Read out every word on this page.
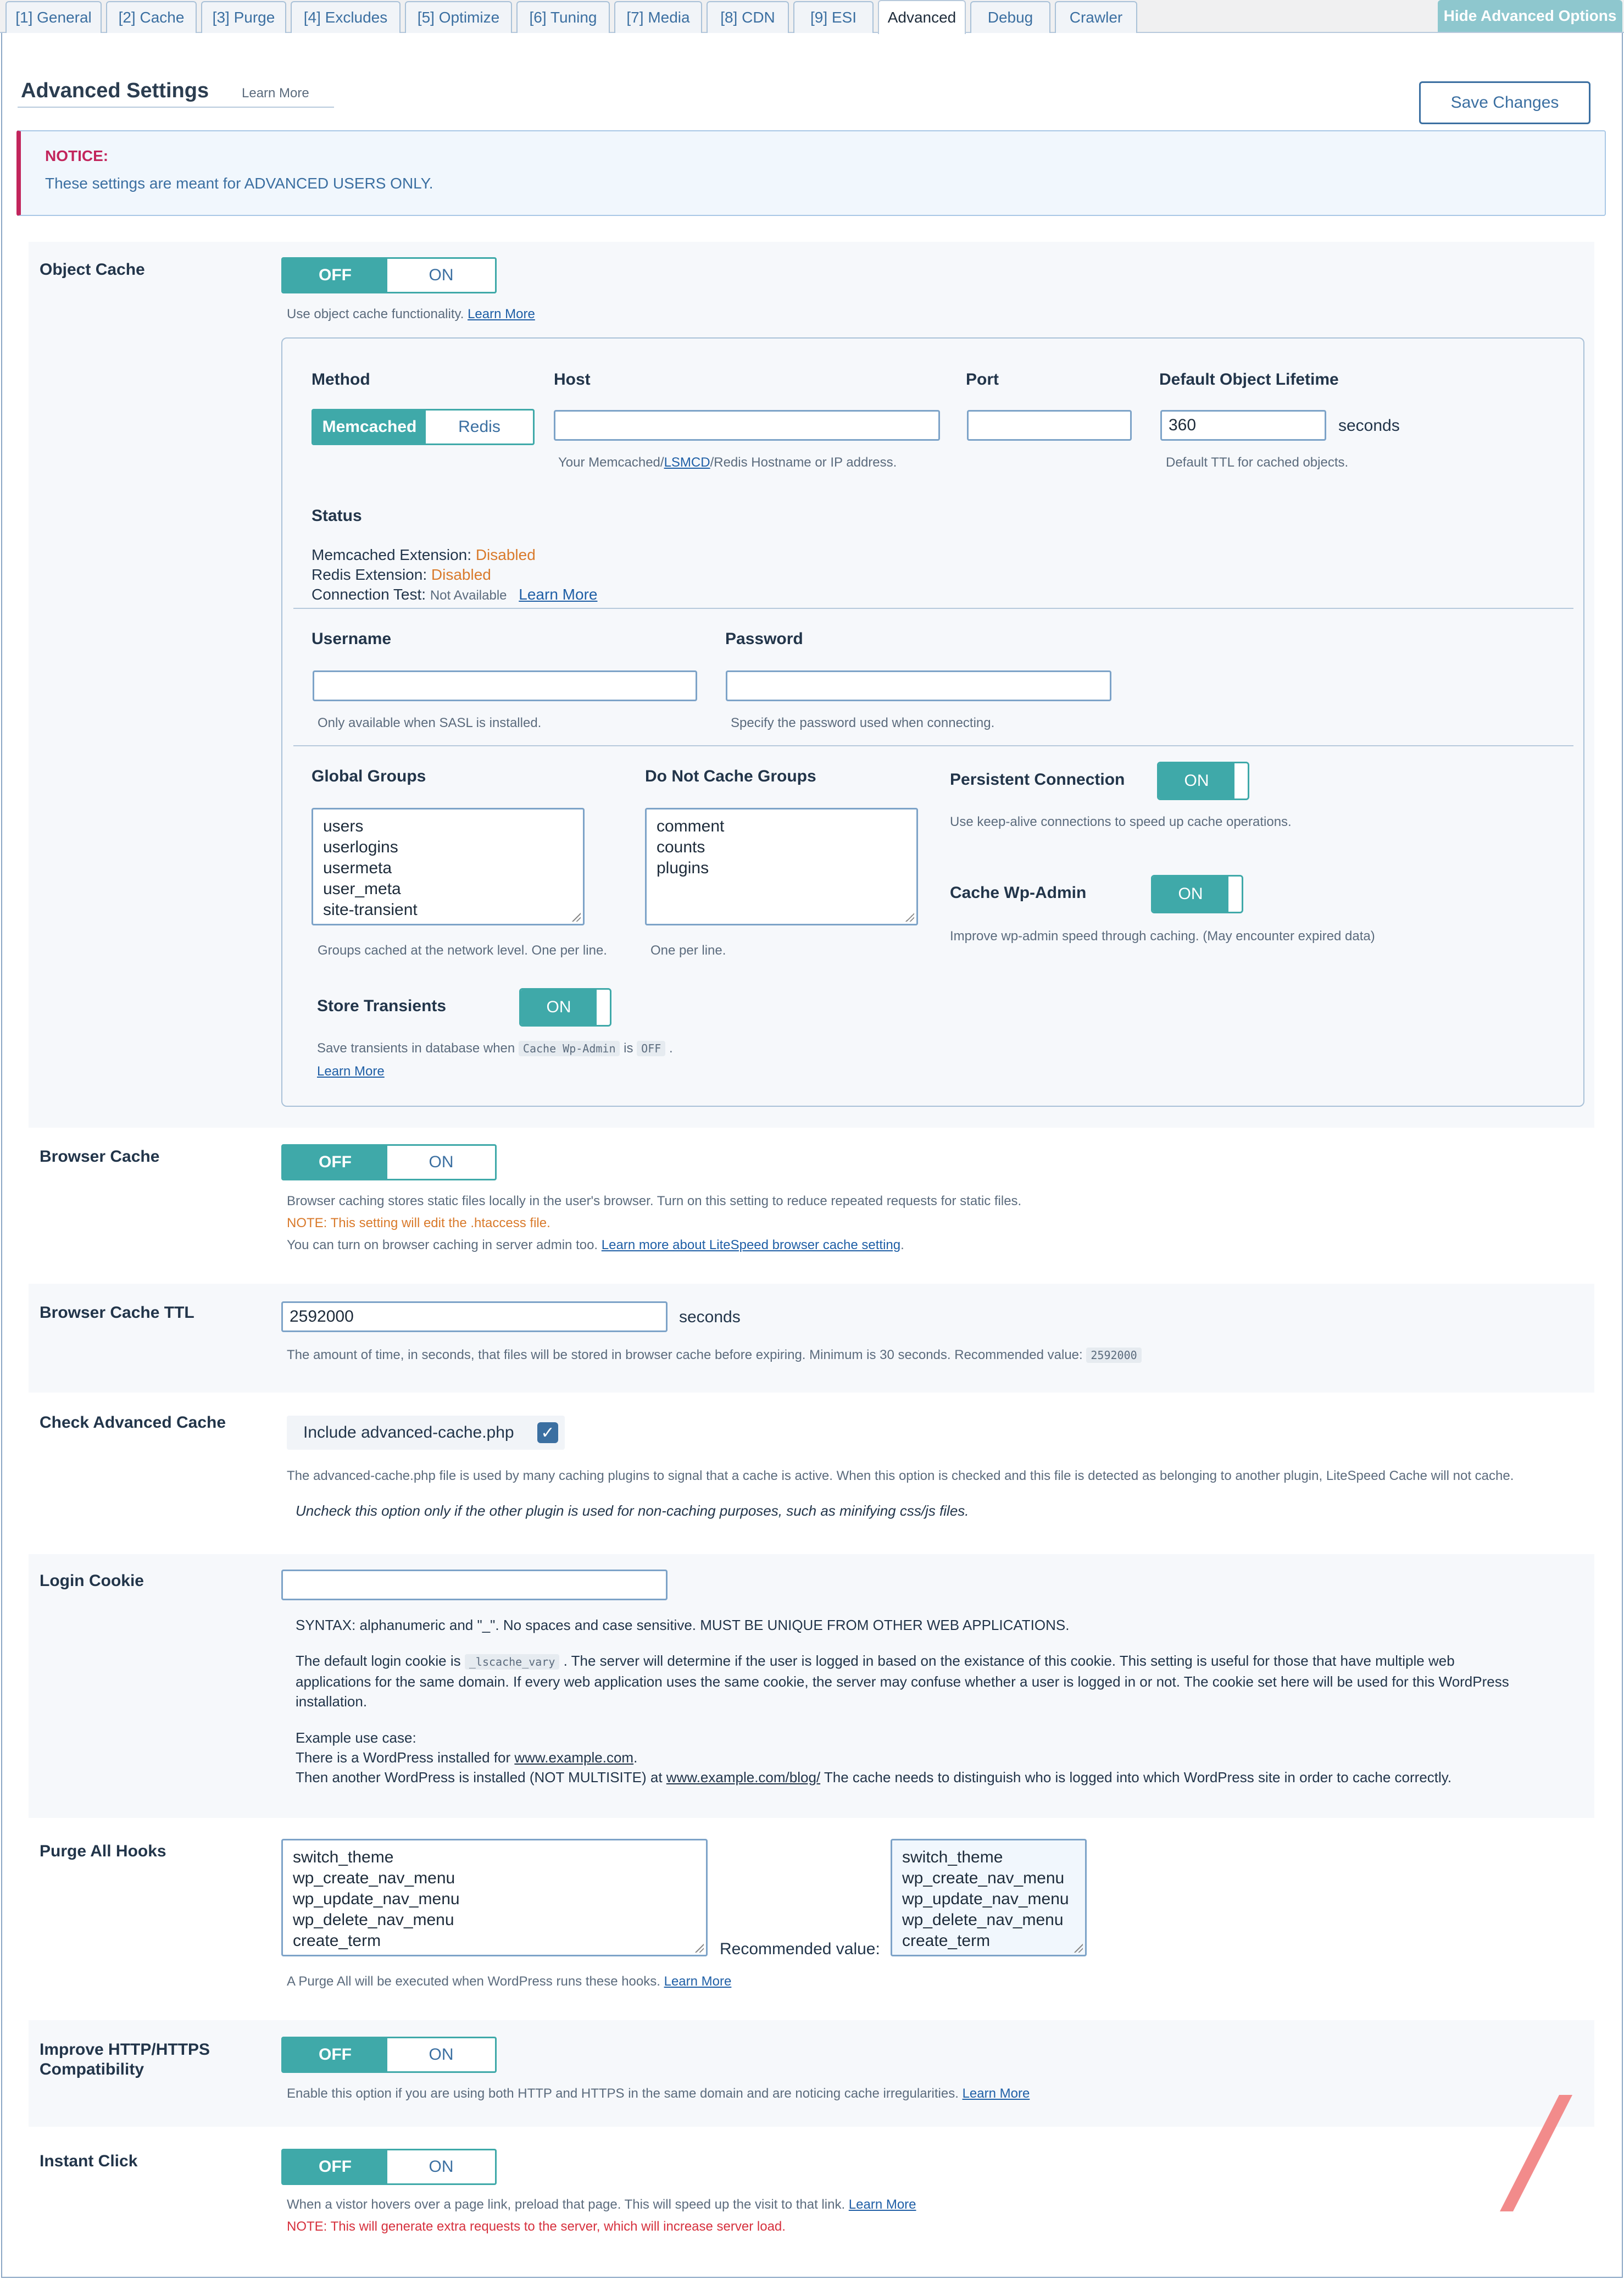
[1] General	[2] Cache	[3] Purge	[4] Excludes	[5] Optimize	[6] Tuning	[7] Media	[8] CDN	[9] ESI	Advanced	Debug	Crawler	Hide Advanced Options
Advanced Settings Learn More
Save Changes
NOTICE:
These settings are meant for ADVANCED USERS ONLY.
Object Cache	OFF	ON
Use object cache functionality. Learn More
Method
Memcached	Redis
Host
Your Memcached/LSMCD/Redis Hostname or IP address.
Port	Default Object Lifetime
360	seconds
Default TTL for cached objects.
Status
Memcached Extension: Disabled
Redis Extension: Disabled
Connection Test: Not Available Learn More
Username
Only available when SASL is installed.
Password
Specify the password used when connecting.
Global Groups
users
userlogins
usermeta
user_meta
site-transient
Groups cached at the network level. One per line.
Do Not Cache Groups
comment
counts
plugins
One per line.
Persistent Connection	ON
Use keep-alive connections to speed up cache operations.
Cache Wp-Admin	ON
Improve wp-admin speed through caching. (May encounter expired data)
Store Transients	ON
Save transients in database when Cache Wp-Admin is OFF .
Learn More
Browser Cache	OFF	ON
Browser caching stores static files locally in the user's browser. Turn on this setting to reduce repeated requests for static files.
NOTE: This setting will edit the .htaccess file.
You can turn on browser caching in server admin too. Learn more about LiteSpeed browser cache setting.
Browser Cache TTL	2592000	seconds
The amount of time, in seconds, that files will be stored in browser cache before expiring. Minimum is 30 seconds. Recommended value: 2592000
Check Advanced Cache
Include advanced-cache.php ✓
The advanced-cache.php file is used by many caching plugins to signal that a cache is active. When this option is checked and this file is detected as belonging to another plugin, LiteSpeed Cache will not cache.
Uncheck this option only if the other plugin is used for non-caching purposes, such as minifying css/js files.
Login Cookie
SYNTAX: alphanumeric and "_". No spaces and case sensitive. MUST BE UNIQUE FROM OTHER WEB APPLICATIONS.
The default login cookie is _lscache_vary . The server will determine if the user is logged in based on the existance of this cookie. This setting is useful for those that have multiple web
applications for the same domain. If every web application uses the same cookie, the server may confuse whether a user is logged in or not. The cookie set here will be used for this WordPress
installation.
Example use case:
There is a WordPress installed for www.example.com.
Then another WordPress is installed (NOT MULTISITE) at www.example.com/blog/ The cache needs to distinguish who is logged into which WordPress site in order to cache correctly.
Purge All Hooks	switch_theme
wp_create_nav_menu
wp_update_nav_menu
wp_delete_nav_menu
create_term	Recommended value:
switch_theme
wp_create_nav_menu
wp_update_nav_menu
wp_delete_nav_menu
create_term
A Purge All will be executed when WordPress runs these hooks. Learn More
Improve HTTP/HTTPS
Compatibility
OFF	ON
Enable this option if you are using both HTTP and HTTPS in the same domain and are noticing cache irregularities. Learn More
Instant Click	OFF	ON
When a vistor hovers over a page link, preload that page. This will speed up the visit to that link. Learn More
NOTE: This will generate extra requests to the server, which will increase server load.
